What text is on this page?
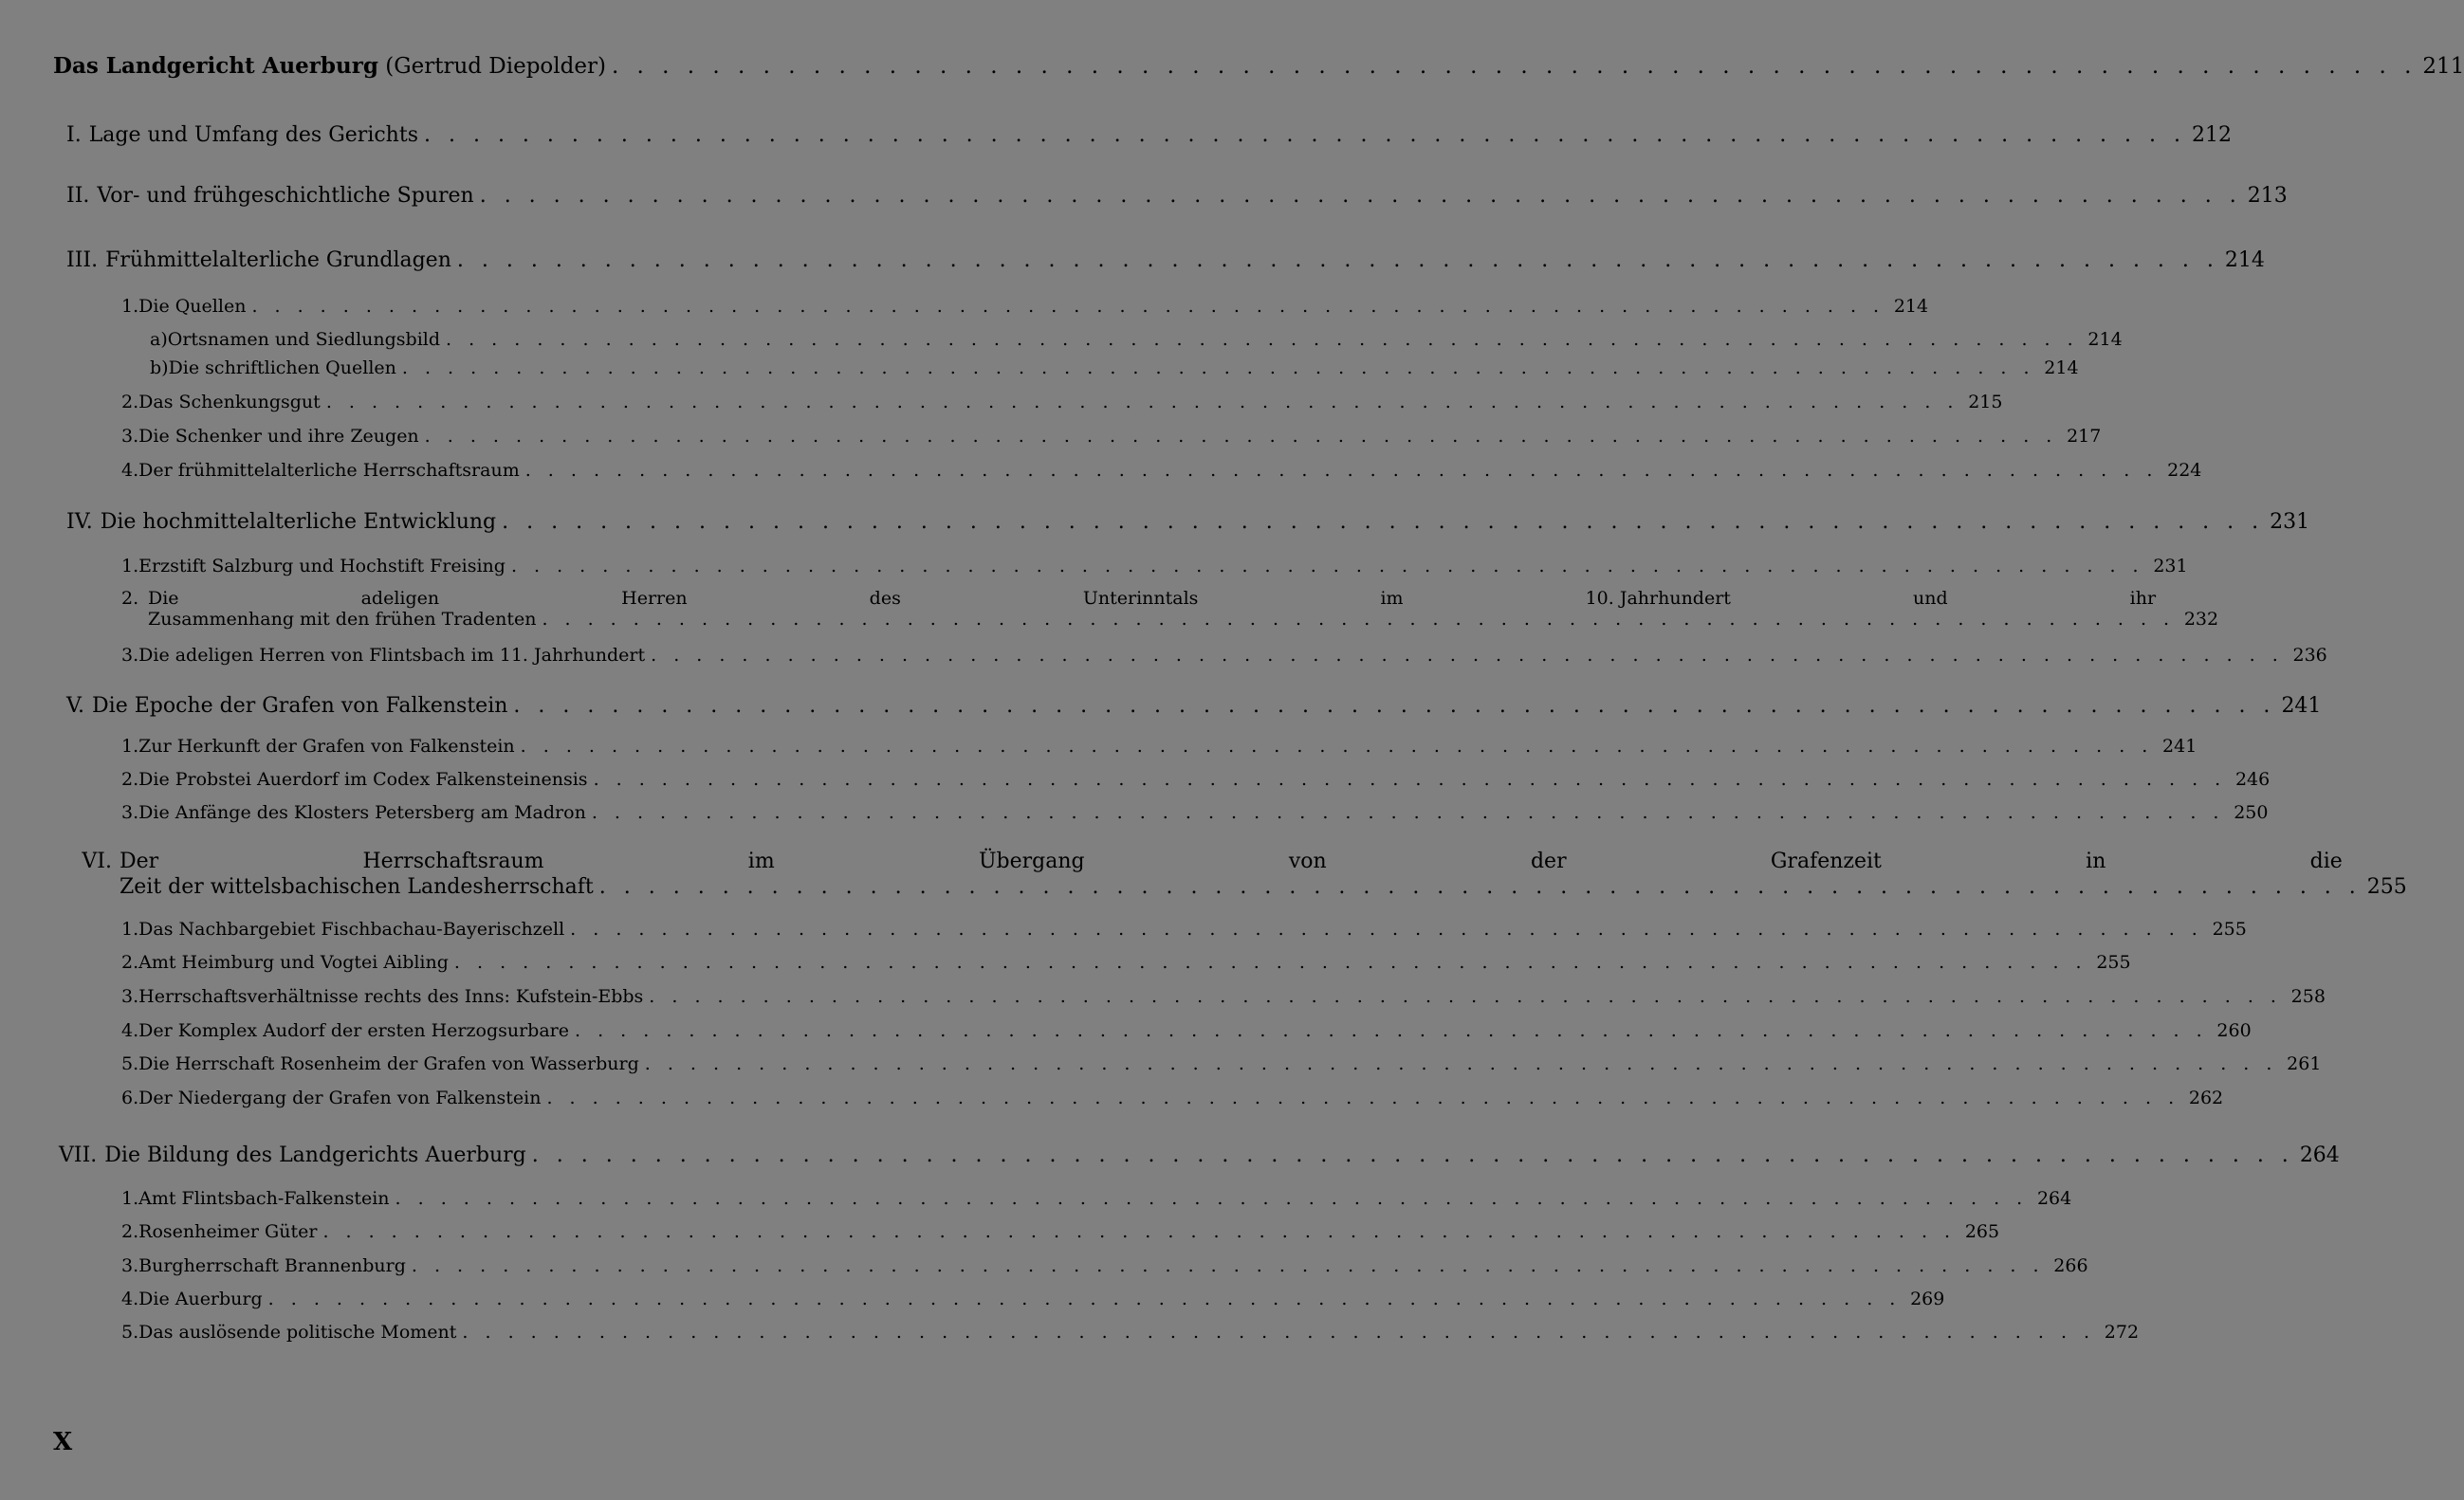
Das Landgericht Auerburg (Gertrud Diepolder) . . .	211
I. Lage und Umfang des Gerichts . . .	212
II. Vor- und frühgeschichtliche Spuren . . .	213
III. Frühmittelalterliche Grundlagen . . .	214
1. Die Quellen . . .	214
a) Ortsnamen und Siedlungsbild . . .	214
b) Die schriftlichen Quellen . . .	214
2. Das Schenkungsgut . . .	215
3. Die Schenker und ihre Zeugen . . .	217
4. Der frühmittelalterliche Herrschaftsraum . . .	224
IV. Die hochmittelalterliche Entwicklung . . .	231
1. Erzstift Salzburg und Hochstift Freising . . .	231
2. Die	adeligen	Herren	des	Unterinntals	im	10. Jahrhundert	und	ihr
Zusammenhang mit den frühen Tradenten . . .	232
3. Die adeligen Herren von Flintsbach im 11. Jahrhundert . . .	236
V. Die Epoche der Grafen von Falkenstein . . .	241
1. Zur Herkunft der Grafen von Falkenstein . . .	241
2. Die Probstei Auerdorf im Codex Falkensteinensis . . .	246
3. Die Anfänge des Klosters Petersberg am Madron . . .	250
VI. Der	Herrschaftsraum	im	Übergang	von	der	Grafenzeit	in	die
Zeit der wittelsbachischen Landesherrschaft . . .	255
1. Das Nachbargebiet Fischbachau-Bayerischzell . . .	255
2. Amt Heimburg und Vogtei Aibling . . .	255
3. Herrschaftsverhältnisse rechts des Inns: Kufstein-Ebbs . . .	258
4. Der Komplex Audorf der ersten Herzogsurbare . . .	260
5. Die Herrschaft Rosenheim der Grafen von Wasserburg . . .	261
6. Der Niedergang der Grafen von Falkenstein . . .	262
VII. Die Bildung des Landgerichts Auerburg . . .	264
1. Amt Flintsbach-Falkenstein . . .	264
2. Rosenheimer Güter . . .	265
3. Burgherrschaft Brannenburg . . .	266
4. Die Auerburg . . .	269
5. Das auslösende politische Moment . . .	272
X
